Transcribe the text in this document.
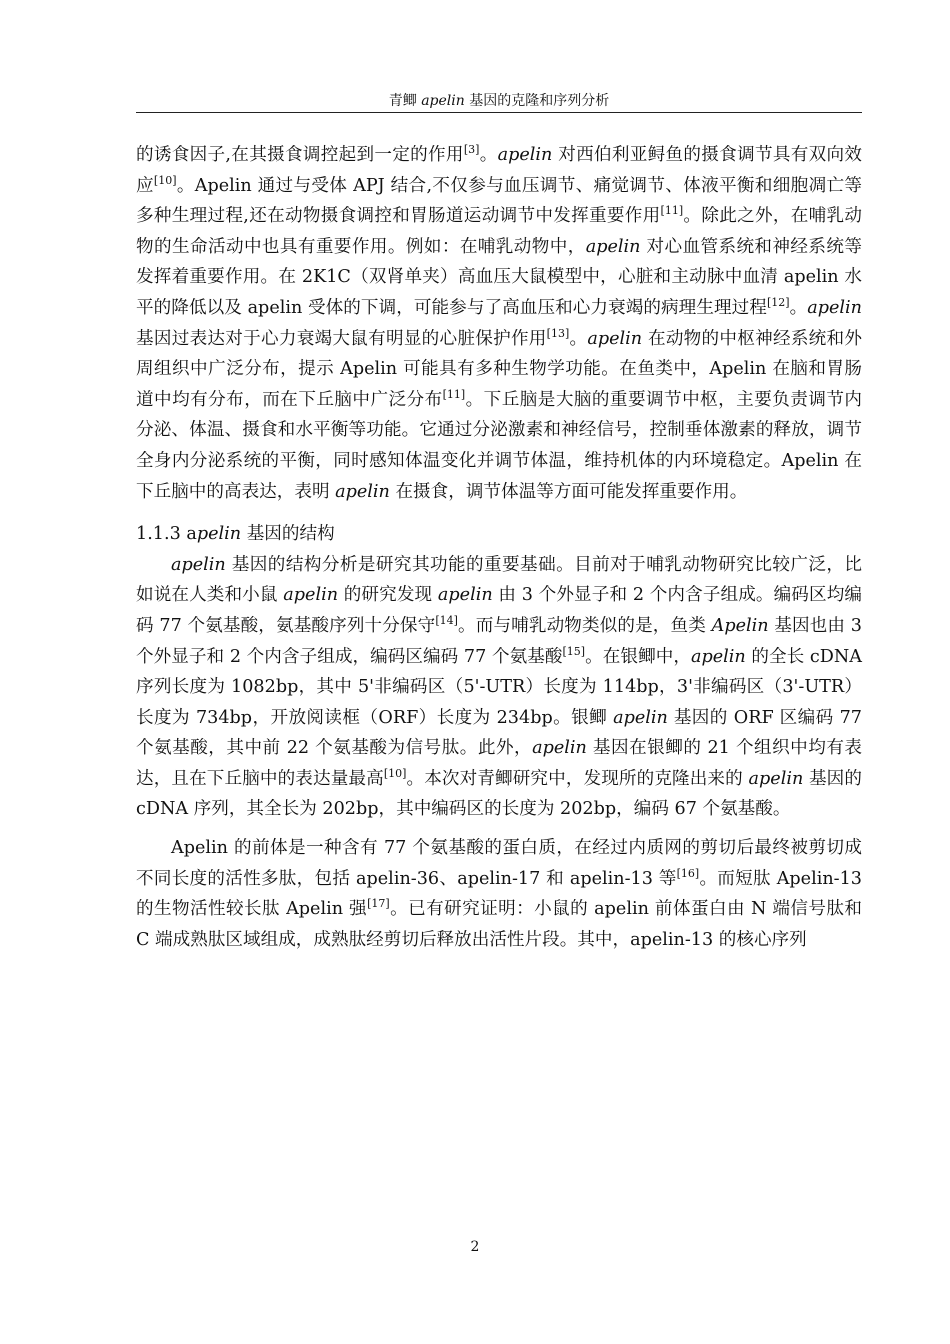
青鲫 apelin 基因的克隆和序列分析

的诱食因子,在其摄食调控起到一定的作用[3]。apelin 对西伯利亚鲟鱼的摄食调节具有双向效应[10]。Apelin 通过与受体 APJ 结合,不仅参与血压调节、痛觉调节、体液平衡和细胞凋亡等多种生理过程,还在动物摄食调控和胃肠道运动调节中发挥重要作用[11]。除此之外，在哺乳动物的生命活动中也具有重要作用。例如：在哺乳动物中，apelin 对心血管系统和神经系统等发挥着重要作用。在 2K1C（双肾单夹）高血压大鼠模型中，心脏和主动脉中血清 apelin 水平的降低以及 apelin 受体的下调，可能参与了高血压和心力衰竭的病理生理过程[12]。apelin 基因过表达对于心力衰竭大鼠有明显的心脏保护作用[13]。apelin 在动物的中枢神经系统和外周组织中广泛分布，提示 Apelin 可能具有多种生物学功能。在鱼类中，Apelin 在脑和胃肠道中均有分布，而在下丘脑中广泛分布[11]。下丘脑是大脑的重要调节中枢，主要负责调节内分泌、体温、摄食和水平衡等功能。它通过分泌激素和神经信号，控制垂体激素的释放，调节全身内分泌系统的平衡，同时感知体温变化并调节体温，维持机体的内环境稳定。Apelin 在下丘脑中的高表达，表明 apelin 在摄食，调节体温等方面可能发挥重要作用。

1.1.3 apelin 基因的结构

apelin 基因的结构分析是研究其功能的重要基础。目前对于哺乳动物研究比较广泛，比如说在人类和小鼠 apelin 的研究发现 apelin 由 3 个外显子和 2 个内含子组成。编码区均编码 77 个氨基酸，氨基酸序列十分保守[14]。而与哺乳动物类似的是，鱼类 Apelin 基因也由 3 个外显子和 2 个内含子组成，编码区编码 77 个氨基酸[15]。在银鲫中，apelin 的全长 cDNA 序列长度为 1082bp，其中 5'非编码区（5'-UTR）长度为 114bp，3'非编码区（3'-UTR）长度为 734bp，开放阅读框（ORF）长度为 234bp。银鲫 apelin 基因的 ORF 区编码 77 个氨基酸，其中前 22 个氨基酸为信号肽。此外，apelin 基因在银鲫的 21 个组织中均有表达，且在下丘脑中的表达量最高[10]。本次对青鲫研究中，发现所的克隆出来的 apelin 基因的 cDNA 序列，其全长为 202bp，其中编码区的长度为 202bp，编码 67 个氨基酸。

Apelin 的前体是一种含有 77 个氨基酸的蛋白质，在经过内质网的剪切后最终被剪切成不同长度的活性多肽，包括 apelin-36、apelin-17 和 apelin-13 等[16]。而短肽 Apelin-13 的生物活性较长肽 Apelin 强[17]。已有研究证明：小鼠的 apelin 前体蛋白由 N 端信号肽和 C 端成熟肽区域组成，成熟肽经剪切后释放出活性片段。其中，apelin-13 的核心序列

2
